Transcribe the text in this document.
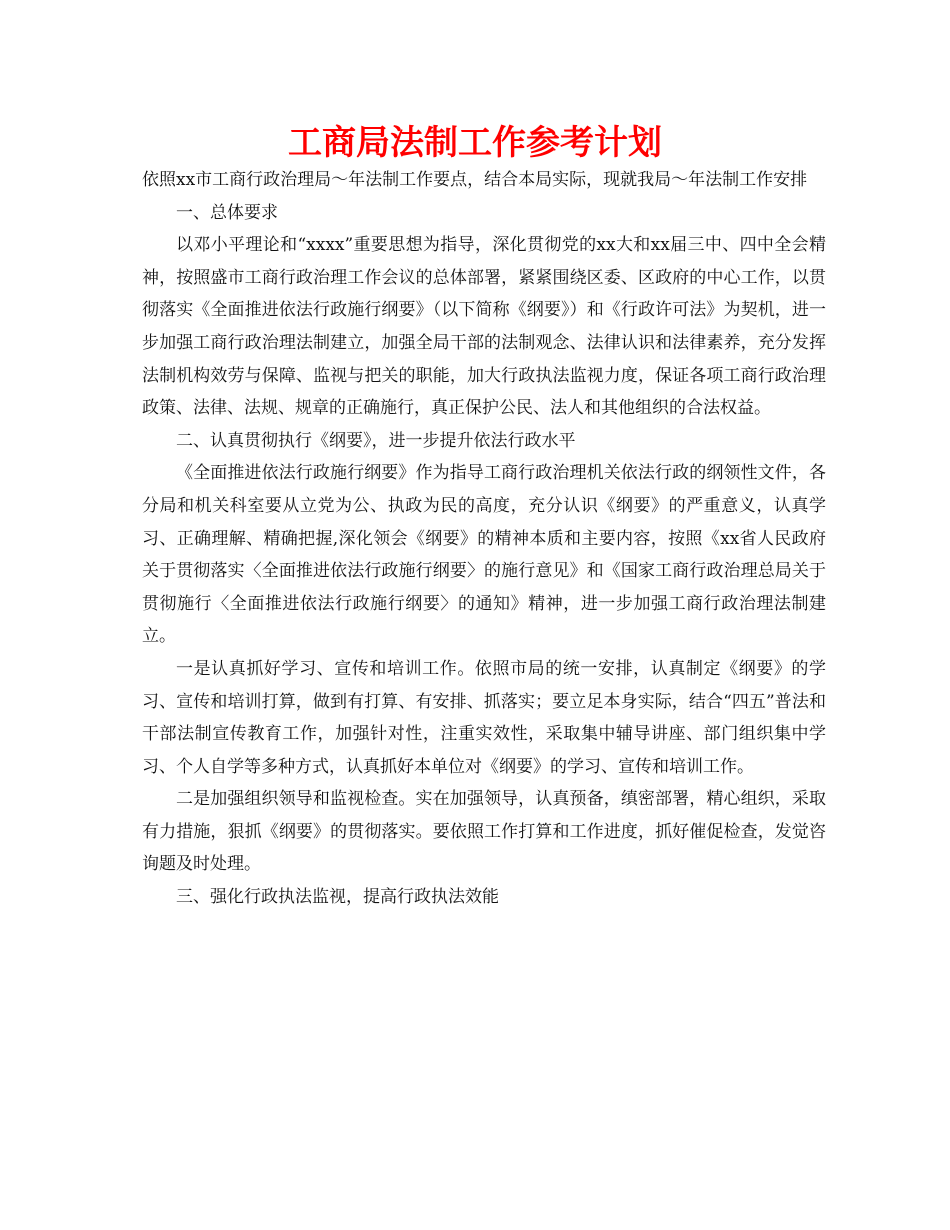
工商局法制工作参考计划

依照xx市工商行政治理局～年法制工作要点，结合本局实际，现就我局～年法制工作安排

一、总体要求

以邓小平理论和“xxxx”重要思想为指导，深化贯彻党的xx大和xx届三中、四中全会精神，按照盛市工商行政治理工作会议的总体部署，紧紧围绕区委、区政府的中心工作，以贯彻落实《全面推进依法行政施行纲要》（以下简称《纲要》）和《行政许可法》为契机，进一步加强工商行政治理法制建立，加强全局干部的法制观念、法律认识和法律素养，充分发挥法制机构效劳与保障、监视与把关的职能，加大行政执法监视力度，保证各项工商行政治理政策、法律、法规、规章的正确施行，真正保护公民、法人和其他组织的合法权益。

二、认真贯彻执行《纲要》，进一步提升依法行政水平

《全面推进依法行政施行纲要》作为指导工商行政治理机关依法行政的纲领性文件，各分局和机关科室要从立党为公、执政为民的高度，充分认识《纲要》的严重意义，认真学习、正确理解、精确把握,深化领会《纲要》的精神本质和主要内容，按照《xx省人民政府关于贯彻落实〈全面推进依法行政施行纲要〉的施行意见》和《国家工商行政治理总局关于贯彻施行〈全面推进依法行政施行纲要〉的通知》精神，进一步加强工商行政治理法制建立。

一是认真抓好学习、宣传和培训工作。依照市局的统一安排，认真制定《纲要》的学习、宣传和培训打算，做到有打算、有安排、抓落实；要立足本身实际，结合“四五”普法和干部法制宣传教育工作，加强针对性，注重实效性，采取集中辅导讲座、部门组织集中学习、个人自学等多种方式，认真抓好本单位对《纲要》的学习、宣传和培训工作。

二是加强组织领导和监视检查。实在加强领导，认真预备，缜密部署，精心组织，采取有力措施，狠抓《纲要》的贯彻落实。要依照工作打算和工作进度，抓好催促检查，发觉咨询题及时处理。

三、强化行政执法监视，提高行政执法效能
